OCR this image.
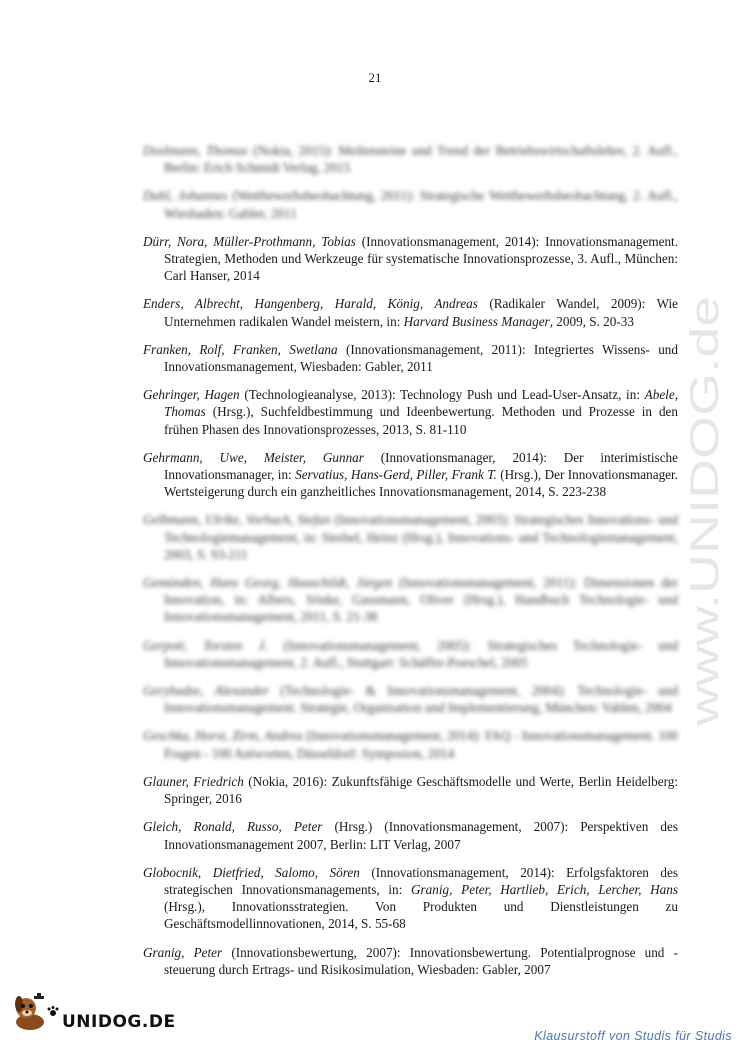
21

Doslmann, Thomas (Nokia, 2015): Meilensteine und Trend der Betriebswirtschaftslehre, 2. Aufl., Berlin: Erich Schmidt Verlag, 2015

Duhl, Johannes (Wettbewerbsbeobachtung, 2011): Strategische Wettbewerbsbeobachtung, 2. Aufl., Wiesbaden: Gabler, 2011

Dürr, Nora, Müller-Prothmann, Tobias (Innovationsmanagement, 2014): Innovationsmanagement. Strategien, Methoden und Werkzeuge für systematische Innovationsprozesse, 3. Aufl., München: Carl Hanser, 2014

Enders, Albrecht, Hangenberg, Harald, König, Andreas (Radikaler Wandel, 2009): Wie Unternehmen radikalen Wandel meistern, in: Harvard Business Manager, 2009, S. 20-33

Franken, Rolf, Franken, Swetlana (Innovationsmanagement, 2011): Integriertes Wissens- und Innovationsmanagement, Wiesbaden: Gabler, 2011

Gehringer, Hagen (Technologieanalyse, 2013): Technology Push und Lead-User-Ansatz, in: Abele, Thomas (Hrsg.), Suchfeldbestimmung und Ideenbewertung. Methoden und Prozesse in den frühen Phasen des Innovationsprozesses, 2013, S. 81-110

Gehrmann, Uwe, Meister, Gunnar (Innovationsmanager, 2014): Der interimistische Innovationsmanager, in: Servatius, Hans-Gerd, Piller, Frank T. (Hrsg.), Der Innovationsmanager. Wertsteigerung durch ein ganzheitliches Innovationsmanagement, 2014, S. 223-238

Gelbmann, Ulrike, Vorbach, Stefan (Innovationsmanagement, 2003): Strategisches Innovations- und Technologiemanagement, in: Strebel, Heinz (Hrsg.), Innovations- und Technologiemanagement, 2003, S. 93-211

Gemünden, Hans Georg, Hauschildt, Jürgen (Innovationsmanagement, 2011): Dimensionen der Innovation, in: Albers, Sönke, Gassmann, Oliver (Hrsg.), Handbuch Technologie- und Innovationsmanagement, 2011, S. 21-38

Gerpott, Torsten J. (Innovationsmanagement, 2005): Strategisches Technologie- und Innovationsmanagement, 2. Aufl., Stuttgart: Schäffer-Poeschel, 2005

Gerybadze, Alexander (Technologie- & Innovationsmanagement, 2004): Technologie- und Innovationsmanagement. Strategie, Organisation und Implementierung, München: Vahlen, 2004

Geschka, Horst, Zirm, Andrea (Innovationsmanagement, 2014): FAQ - Innovationsmanagement. 100 Fragen - 100 Antworten, Düsseldorf: Symposion, 2014

Glauner, Friedrich (Nokia, 2016): Zukunftsfähige Geschäftsmodelle und Werte, Berlin Heidelberg: Springer, 2016

Gleich, Ronald, Russo, Peter (Hrsg.) (Innovationsmanagement, 2007): Perspektiven des Innovationsmanagement 2007, Berlin: LIT Verlag, 2007

Globocnik, Dietfried, Salomo, Sören (Innovationsmanagement, 2014): Erfolgsfaktoren des strategischen Innovationsmanagements, in: Granig, Peter, Hartlieb, Erich, Lercher, Hans (Hrsg.), Innovationsstrategien. Von Produkten und Dienstleistungen zu Geschäftsmodellinnovationen, 2014, S. 55-68

Granig, Peter (Innovationsbewertung, 2007): Innovationsbewertung. Potentialprognose und -steuerung durch Ertrags- und Risikosimulation, Wiesbaden: Gabler, 2007

www.UNIDOG.de
UNIDOG.DE
Klausurstoff von Studis für Studis
